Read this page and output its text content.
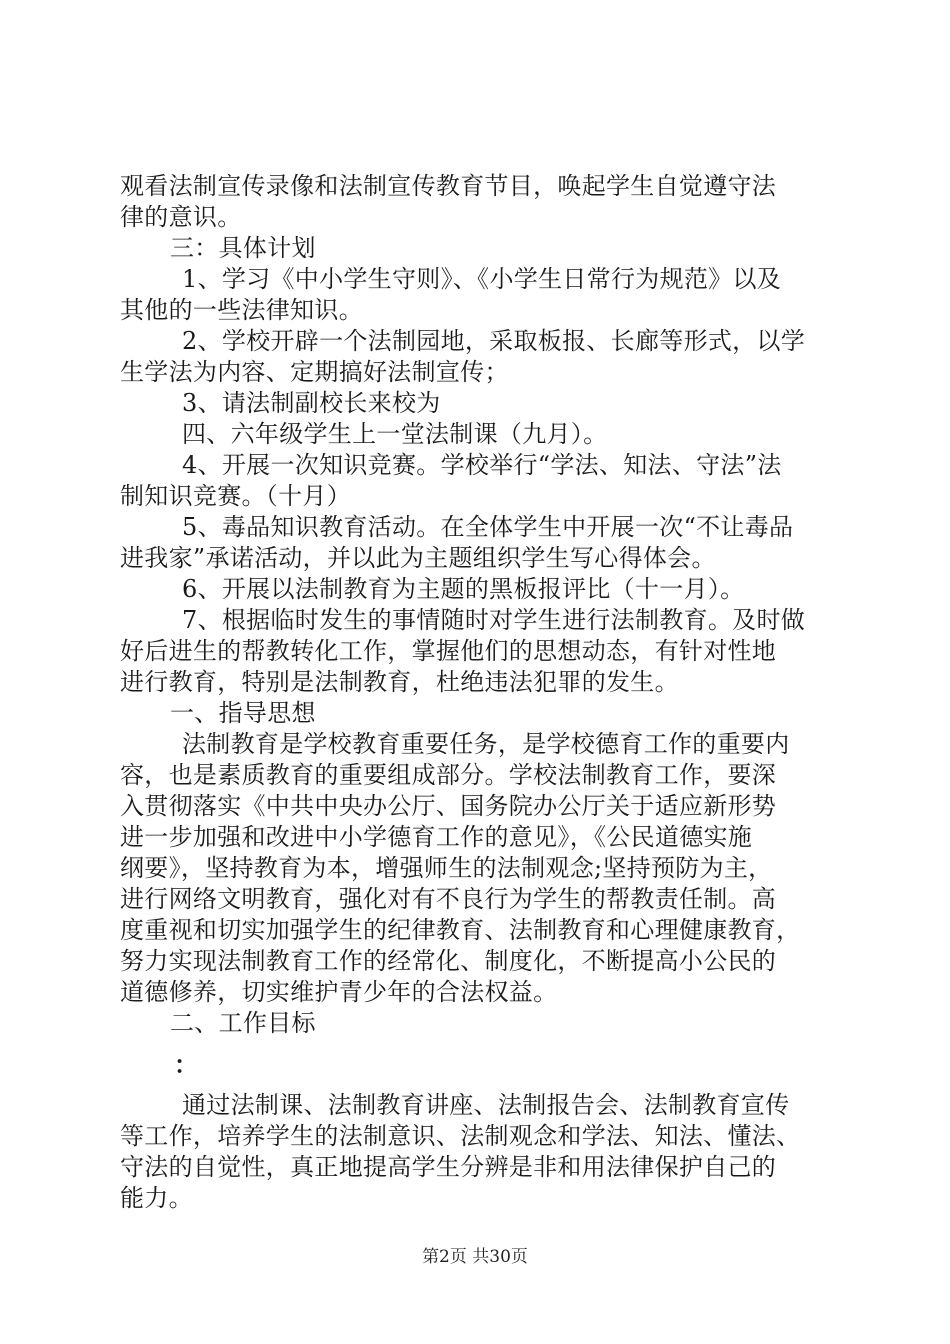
观看法制宣传录像和法制宣传教育节目，唤起学生自觉遵守法
律的意识。
三：具体计划
1、学习《中小学生守则》、《小学生日常行为规范》以及
其他的一些法律知识。
2、学校开辟一个法制园地，采取板报、长廊等形式，以学
生学法为内容、定期搞好法制宣传；
3、请法制副校长来校为
四、六年级学生上一堂法制课（九月）。
4、开展一次知识竞赛。学校举行“学法、知法、守法”法
制知识竞赛。（十月）
5、毒品知识教育活动。在全体学生中开展一次“不让毒品
进我家”承诺活动，并以此为主题组织学生写心得体会。
6、开展以法制教育为主题的黑板报评比（十一月）。
7、根据临时发生的事情随时对学生进行法制教育。及时做
好后进生的帮教转化工作，掌握他们的思想动态，有针对性地
进行教育，特别是法制教育，杜绝违法犯罪的发生。
一、指导思想
法制教育是学校教育重要任务，是学校德育工作的重要内
容，也是素质教育的重要组成部分。学校法制教育工作，要深
入贯彻落实《中共中央办公厅、国务院办公厅关于适应新形势
进一步加强和改进中小学德育工作的意见》，《公民道德实施
纲要》，坚持教育为本，增强师生的法制观念;坚持预防为主，
进行网络文明教育，强化对有不良行为学生的帮教责任制。高
度重视和切实加强学生的纪律教育、法制教育和心理健康教育，
努力实现法制教育工作的经常化、制度化，不断提高小公民的
道德修养，切实维护青少年的合法权益。
二、工作目标
：
通过法制课、法制教育讲座、法制报告会、法制教育宣传
等工作，培养学生的法制意识、法制观念和学法、知法、懂法、
守法的自觉性，真正地提高学生分辨是非和用法律保护自己的
能力。
第2页 共30页
